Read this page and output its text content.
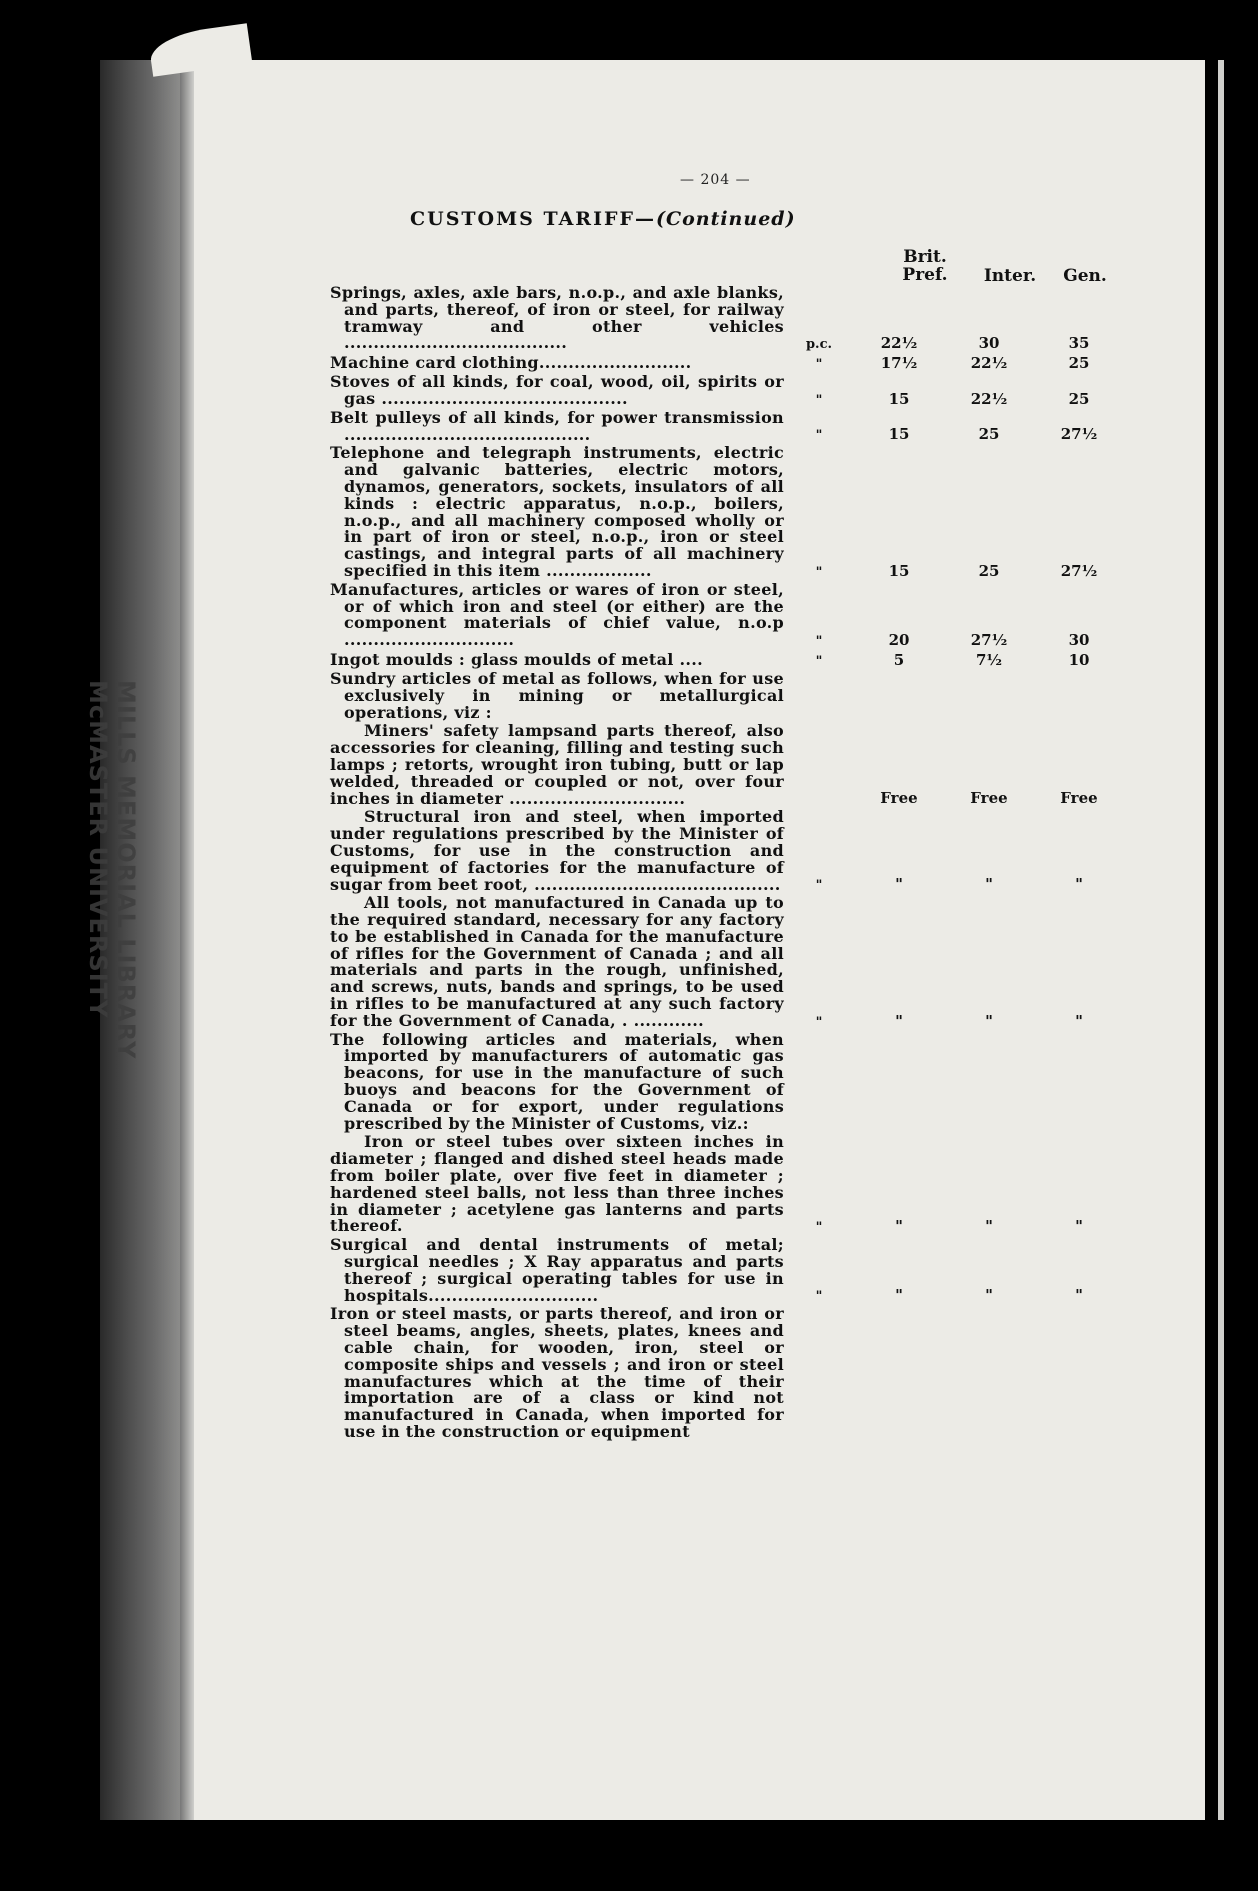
MILLS MEMORIAL LIBRARY
McMASTER UNIVERSITY
— 204 —
CUSTOMS TARIFF—(Continued)
Brit.
Pref.	Inter.	Gen.
Springs, axles, axle bars, n.o.p., and axle blanks, and parts, thereof, of iron or steel, for railway tramway and other vehicles ......................................	p.c.	22½	30	35
Machine card clothing..........................	"	17½	22½	25
Stoves of all kinds, for coal, wood, oil, spirits or gas ..........................................	"	15	22½	25
Belt pulleys of all kinds, for power transmission ..........................................	"	15	25	27½
Telephone and telegraph instruments, electric and galvanic batteries, electric motors, dynamos, generators, sockets, insulators of all kinds : electric apparatus, n.o.p., boilers, n.o.p., and all machinery composed wholly or in part of iron or steel, n.o.p., iron or steel castings, and integral parts of all machinery specified in this item ..................	"	15	25	27½
Manufactures, articles or wares of iron or steel, or of which iron and steel (or either) are the component materials of chief value, n.o.p .............................	"	20	27½	30
Ingot moulds : glass moulds of metal ....	"	5	7½	10
Sundry articles of metal as follows, when for use exclusively in mining or metallurgical operations, viz :				
Miners' safety lampsand parts thereof, also accessories for cleaning, filling and testing such lamps ; retorts, wrought iron tubing, butt or lap welded, threaded or coupled or not, over four inches in diameter ..............................		Free	Free	Free
Structural iron and steel, when imported under regulations prescribed by the Minister of Customs, for use in the construction and equipment of factories for the manufacture of sugar from beet root, ..........................................	"	"	"	"
All tools, not manufactured in Canada up to the required standard, necessary for any factory to be established in Canada for the manufacture of rifles for the Government of Canada ; and all materials and parts in the rough, unfinished, and screws, nuts, bands and springs, to be used in rifles to be manufactured at any such factory for the Government of Canada, . ............	"	"	"	"
The following articles and materials, when imported by manufacturers of automatic gas beacons, for use in the manufacture of such buoys and beacons for the Government of Canada or for export, under regulations prescribed by the Minister of Customs, viz.:				
Iron or steel tubes over sixteen inches in diameter ; flanged and dished steel heads made from boiler plate, over five feet in diameter ; hardened steel balls, not less than three inches in diameter ; acetylene gas lanterns and parts thereof.	"	"	"	"
Surgical and dental instruments of metal; surgical needles ; X Ray apparatus and parts thereof ; surgical operating tables for use in hospitals.............................	"	"	"	"
Iron or steel masts, or parts thereof, and iron or steel beams, angles, sheets, plates, knees and cable chain, for wooden, iron, steel or composite ships and vessels ; and iron or steel manufactures which at the time of their importation are of a class or kind not manufactured in Canada, when imported for use in the construction or equipment				
